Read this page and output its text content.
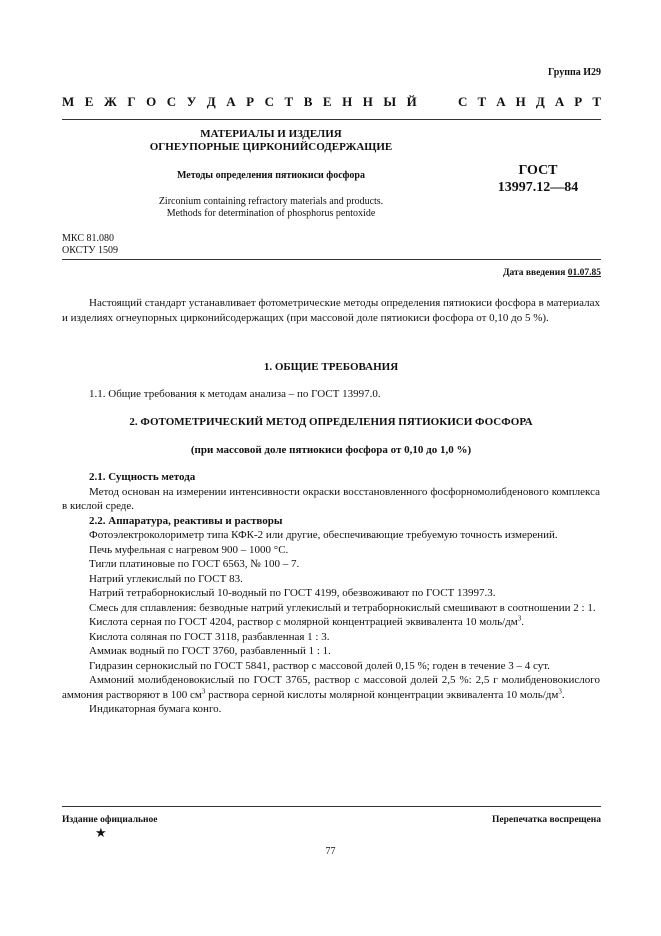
Группа И29
М Е Ж Г О С У Д А Р С Т В Е Н Н Ы Й	С Т А Н Д А Р Т
МАТЕРИАЛЫ И ИЗДЕЛИЯ
ОГНЕУПОРНЫЕ ЦИРКОНИЙСОДЕРЖАЩИЕ
Методы определения пятиокиси фосфора	ГОСТ
13997.12—84
Zirconium containing refractory materials and products.
Methods for determination of phosphorus pentoxide
МКС 81.080
ОКСТУ 1509
Дата введения 01.07.85

Настоящий стандарт устанавливает фотометрические методы определения пятиокиси фосфора в материалах и изделиях огнеупорных цирконийсодержащих (при массовой доле пятиокиси фосфора от 0,10 до 5 %).

1. ОБЩИЕ ТРЕБОВАНИЯ

1.1. Общие требования к методам анализа – по ГОСТ 13997.0.

2. ФОТОМЕТРИЧЕСКИЙ МЕТОД ОПРЕДЕЛЕНИЯ ПЯТИОКИСИ ФОСФОРА
(при массовой доле пятиокиси фосфора от 0,10 до 1,0 %)

2.1. Сущность метода

Метод основан на измерении интенсивности окраски восстановленного фосфорномолибденового комплекса в кислой среде.

2.2. Аппаратура, реактивы и растворы

Фотоэлектроколориметр типа КФК-2 или другие, обеспечивающие требуемую точность измерений.

Печь муфельная с нагревом 900 – 1000 °С.

Тигли платиновые по ГОСТ 6563, № 100 – 7.

Натрий углекислый по ГОСТ 83.

Натрий тетраборнокислый 10-водный по ГОСТ 4199, обезвоживают по ГОСТ 13997.3.

Смесь для сплавления: безводные натрий углекислый и тетраборнокислый смешивают в соотношении 2 : 1.

Кислота серная по ГОСТ 4204, раствор с молярной концентрацией эквивалента 10 моль/$дм^3$.

Кислота соляная по ГОСТ 3118, разбавленная 1 : 3.

Аммиак водный по ГОСТ 3760, разбавленный 1 : 1.

Гидразин сернокислый по ГОСТ 5841, раствор с массовой долей 0,15 %; годен в течение 3 – 4 сут.

Аммоний молибденовокислый по ГОСТ 3765, раствор с массовой долей 2,5 %: 2,5 г молибденовокислого аммония растворяют в 100 $см^3$ раствора серной кислоты молярной концентрации эквивалента 10 моль/$дм^3$.

Индикаторная бумага конго.

Издание официальное	Перепечатка воспрещена
★
77
